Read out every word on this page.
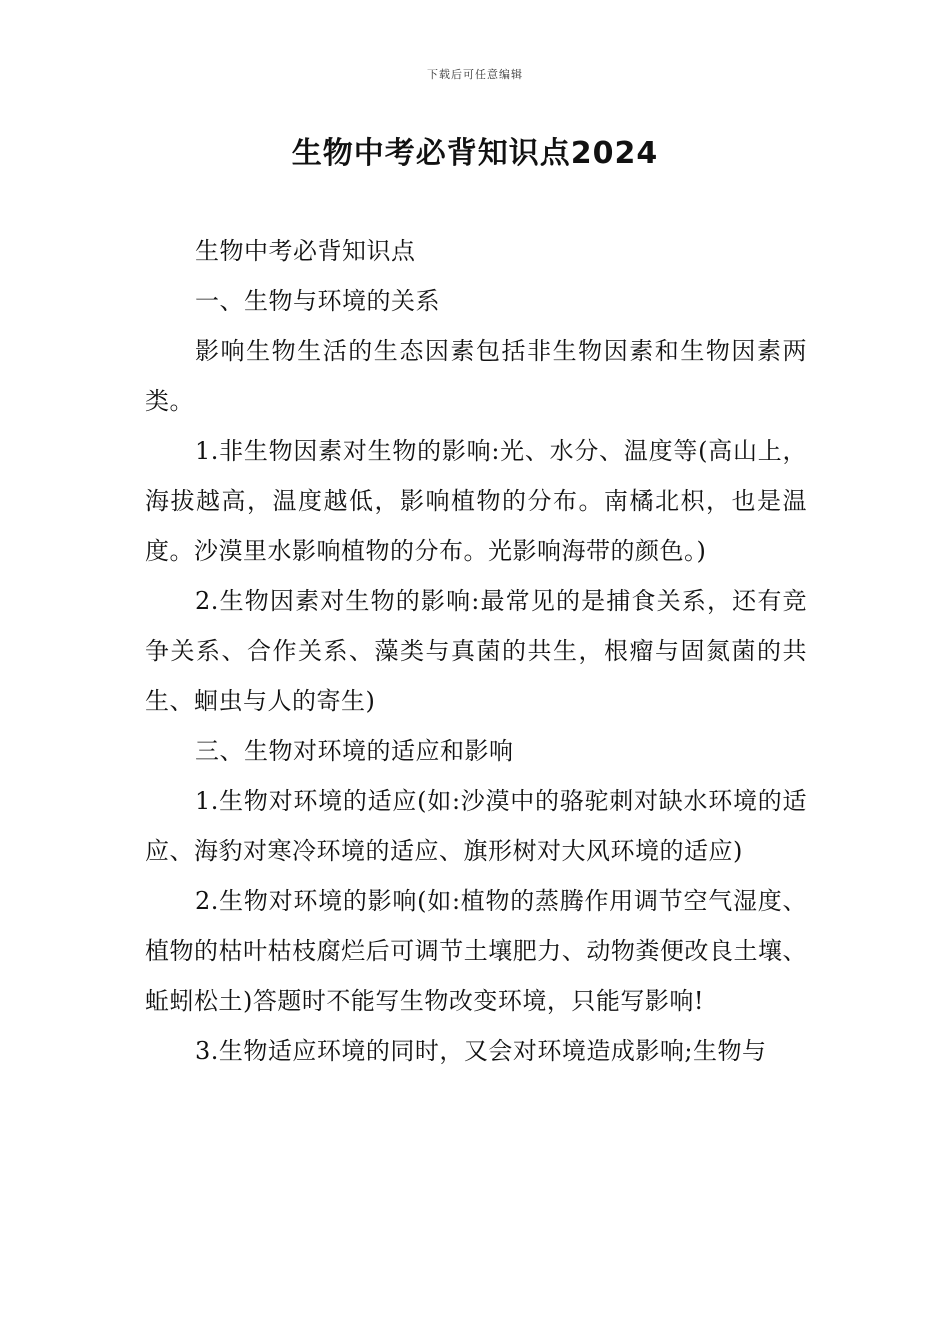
下载后可任意编辑
生物中考必背知识点2024

生物中考必背知识点

一、生物与环境的关系

影响生物生活的生态因素包括非生物因素和生物因素两类。

1.非生物因素对生物的影响:光、水分、温度等(高山上，海拔越高，温度越低，影响植物的分布。南橘北枳，也是温度。沙漠里水影响植物的分布。光影响海带的颜色。)

2.生物因素对生物的影响:最常见的是捕食关系，还有竞争关系、合作关系、藻类与真菌的共生，根瘤与固氮菌的共生、蛔虫与人的寄生)

三、生物对环境的适应和影响

1.生物对环境的适应(如:沙漠中的骆驼刺对缺水环境的适应、海豹对寒冷环境的适应、旗形树对大风环境的适应)

2.生物对环境的影响(如:植物的蒸腾作用调节空气湿度、植物的枯叶枯枝腐烂后可调节土壤肥力、动物粪便改良土壤、蚯蚓松土)答题时不能写生物改变环境，只能写影响!

3.生物适应环境的同时，又会对环境造成影响;生物与
